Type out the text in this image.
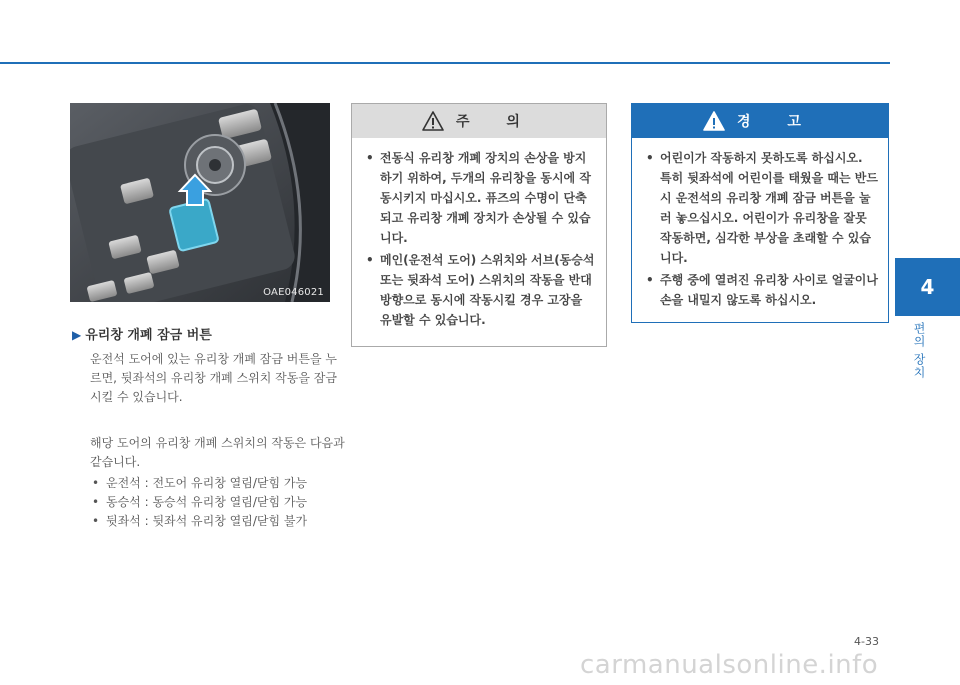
OAE046021
▶ 유리창 개폐 잠금 버튼
운전석 도어에 있는 유리창 개폐 잠금 버튼을 누르면, 뒷좌석의 유리창 개폐 스위치 작동을 잠금 시킬 수 있습니다.
해당 도어의 유리창 개폐 스위치의 작동은 다음과 같습니다.
• 운전석 : 전도어 유리창 열림/닫힘 가능
• 동승석 : 동승석 유리창 열림/닫힘 가능
• 뒷좌석 : 뒷좌석 유리창 열림/닫힘 불가
주 의
• 전동식 유리창 개폐 장치의 손상을 방지하기 위하여, 두개의 유리창을 동시에 작동시키지 마십시오. 퓨즈의 수명이 단축되고 유리창 개폐 장치가 손상될 수 있습니다.
• 메인(운전석 도어) 스위치와 서브(동승석 또는 뒷좌석 도어) 스위치의 작동을 반대방향으로 동시에 작동시킬 경우 고장을 유발할 수 있습니다.
경 고
• 어린이가 작동하지 못하도록 하십시오. 특히 뒷좌석에 어린이를 태웠을 때는 반드시 운전석의 유리창 개폐 잠금 버튼을 눌러 놓으십시오. 어린이가 유리창을 잘못 작동하면, 심각한 부상을 초래할 수 있습니다.
• 주행 중에 열려진 유리창 사이로 얼굴이나 손을 내밀지 않도록 하십시오.
4
편의 장치
4-33
carmanualsonline.info
